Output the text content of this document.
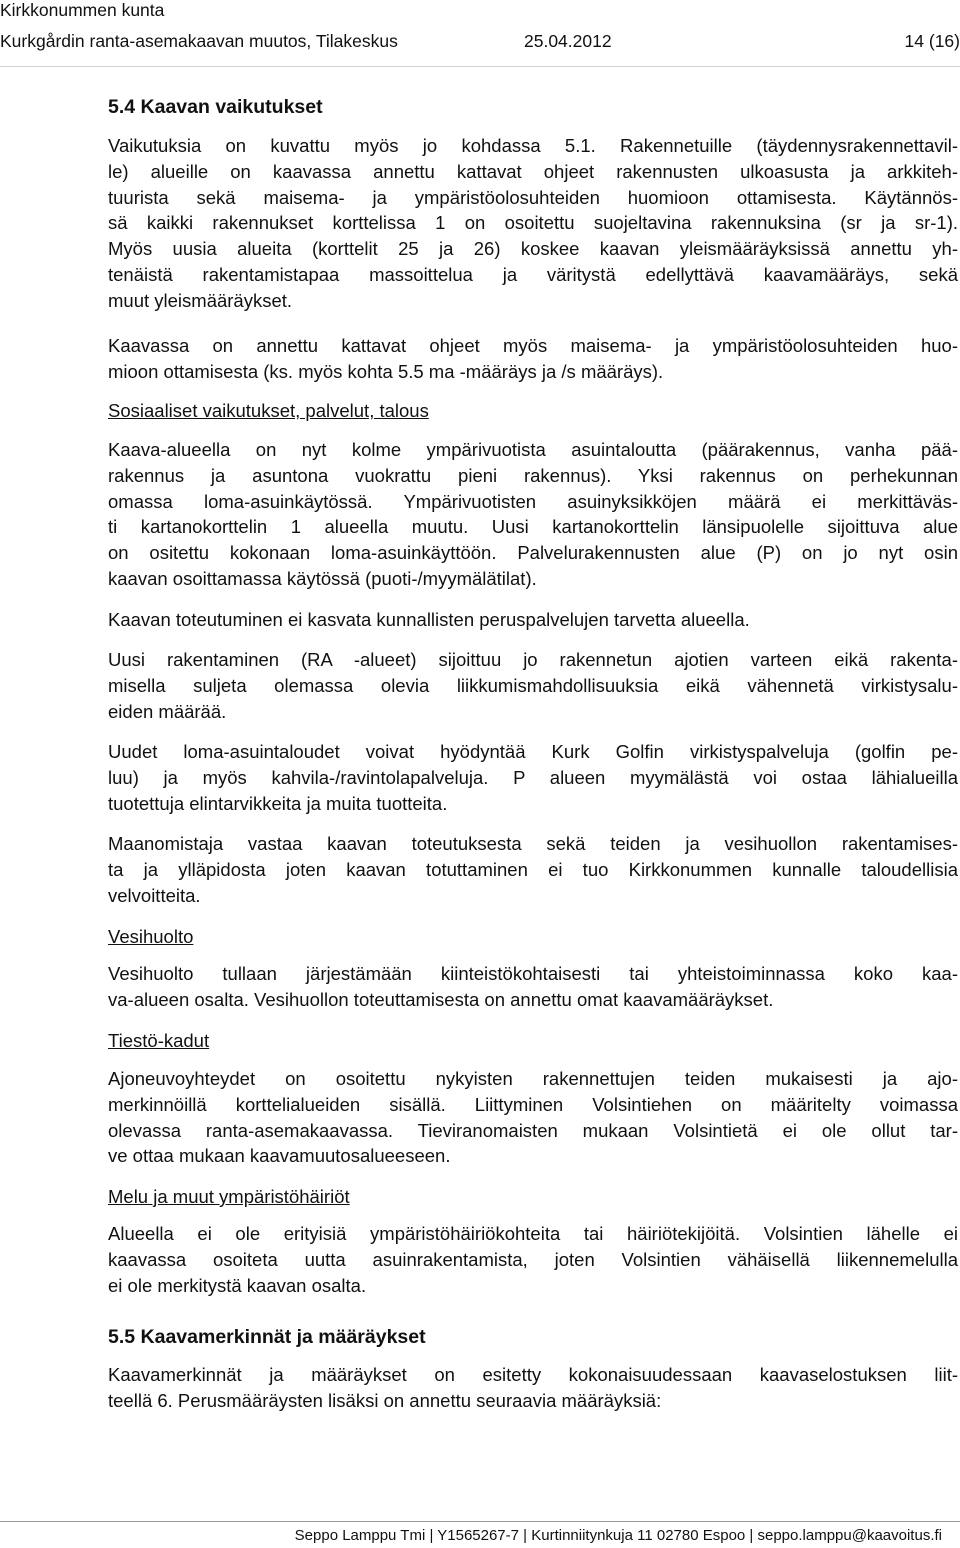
Kirkkonummen kunta
Kurkgårdin ranta-asemakaavan muutos, Tilakeskus	25.04.2012	14 (16)
5.4 Kaavan vaikutukset
Vaikutuksia on kuvattu myös jo kohdassa 5.1. Rakennetuille (täydennysrakennettavil-
le) alueille on kaavassa annettu kattavat ohjeet rakennusten ulkoasusta ja arkkiteh-
tuurista sekä maisema- ja ympäristöolosuhteiden huomioon ottamisesta. Käytännös-
sä kaikki rakennukset korttelissa 1 on osoitettu suojeltavina rakennuksina (sr ja sr-1).
Myös uusia alueita (korttelit 25 ja 26) koskee kaavan yleismääräyksissä annettu yh-
tenäistä rakentamistapaa massoittelua ja väritystä edellyttävä kaavamääräys, sekä
muut yleismääräykset.
Kaavassa on annettu kattavat ohjeet myös maisema- ja ympäristöolosuhteiden huo-
mioon ottamisesta (ks. myös kohta 5.5 ma -määräys ja /s määräys).
Sosiaaliset vaikutukset, palvelut, talous
Kaava-alueella on nyt kolme ympärivuotista asuintaloutta (päärakennus, vanha pää-
rakennus ja asuntona vuokrattu pieni rakennus). Yksi rakennus on perhekunnan
omassa loma-asuinkäytössä. Ympärivuotisten asuinyksikköjen määrä ei merkittäväs-
ti kartanokorttelin 1 alueella muutu. Uusi kartanokorttelin länsipuolelle sijoittuva alue
on ositettu kokonaan loma-asuinkäyttöön. Palvelurakennusten alue (P) on jo nyt osin
kaavan osoittamassa käytössä (puoti-/myymälätilat).
Kaavan toteutuminen ei kasvata kunnallisten peruspalvelujen tarvetta alueella.
Uusi rakentaminen (RA -alueet) sijoittuu jo rakennetun ajotien varteen eikä rakenta-
misella suljeta olemassa olevia liikkumismahdollisuuksia eikä vähennetä virkistysalu-
eiden määrää.
Uudet loma-asuintaloudet voivat hyödyntää Kurk Golfin virkistyspalveluja (golfin pe-
luu) ja myös kahvila-/ravintolapalveluja. P alueen myymälästä voi ostaa lähialueilla
tuotettuja elintarvikkeita ja muita tuotteita.
Maanomistaja vastaa kaavan toteutuksesta sekä teiden ja vesihuollon rakentamises-
ta ja ylläpidosta joten kaavan totuttaminen ei tuo Kirkkonummen kunnalle taloudellisia
velvoitteita.
Vesihuolto
Vesihuolto tullaan järjestämään kiinteistökohtaisesti tai yhteistoiminnassa koko kaa-
va-alueen osalta. Vesihuollon toteuttamisesta on annettu omat kaavamääräykset.
Tiestö-kadut
Ajoneuvoyhteydet on osoitettu nykyisten rakennettujen teiden mukaisesti ja ajo-
merkinnöillä korttelialueiden sisällä. Liittyminen Volsintiehen on määritelty voimassa
olevassa ranta-asemakaavassa. Tieviranomaisten mukaan Volsintietä ei ole ollut tar-
ve ottaa mukaan kaavamuutosalueeseen.
Melu ja muut ympäristöhäiriöt
Alueella ei ole erityisiä ympäristöhäiriökohteita tai häiriötekijöitä. Volsintien lähelle ei
kaavassa osoiteta uutta asuinrakentamista, joten Volsintien vähäisellä liikennemelulla
ei ole merkitystä kaavan osalta.
5.5 Kaavamerkinnät ja määräykset
Kaavamerkinnät ja määräykset on esitetty kokonaisuudessaan kaavaselostuksen liit-
teellä 6. Perusmääräysten lisäksi on annettu seuraavia määräyksiä:
Seppo Lamppu Tmi | Y1565267-7 | Kurtinniitynkuja 11 02780 Espoo | seppo.lamppu@kaavoitus.fi
